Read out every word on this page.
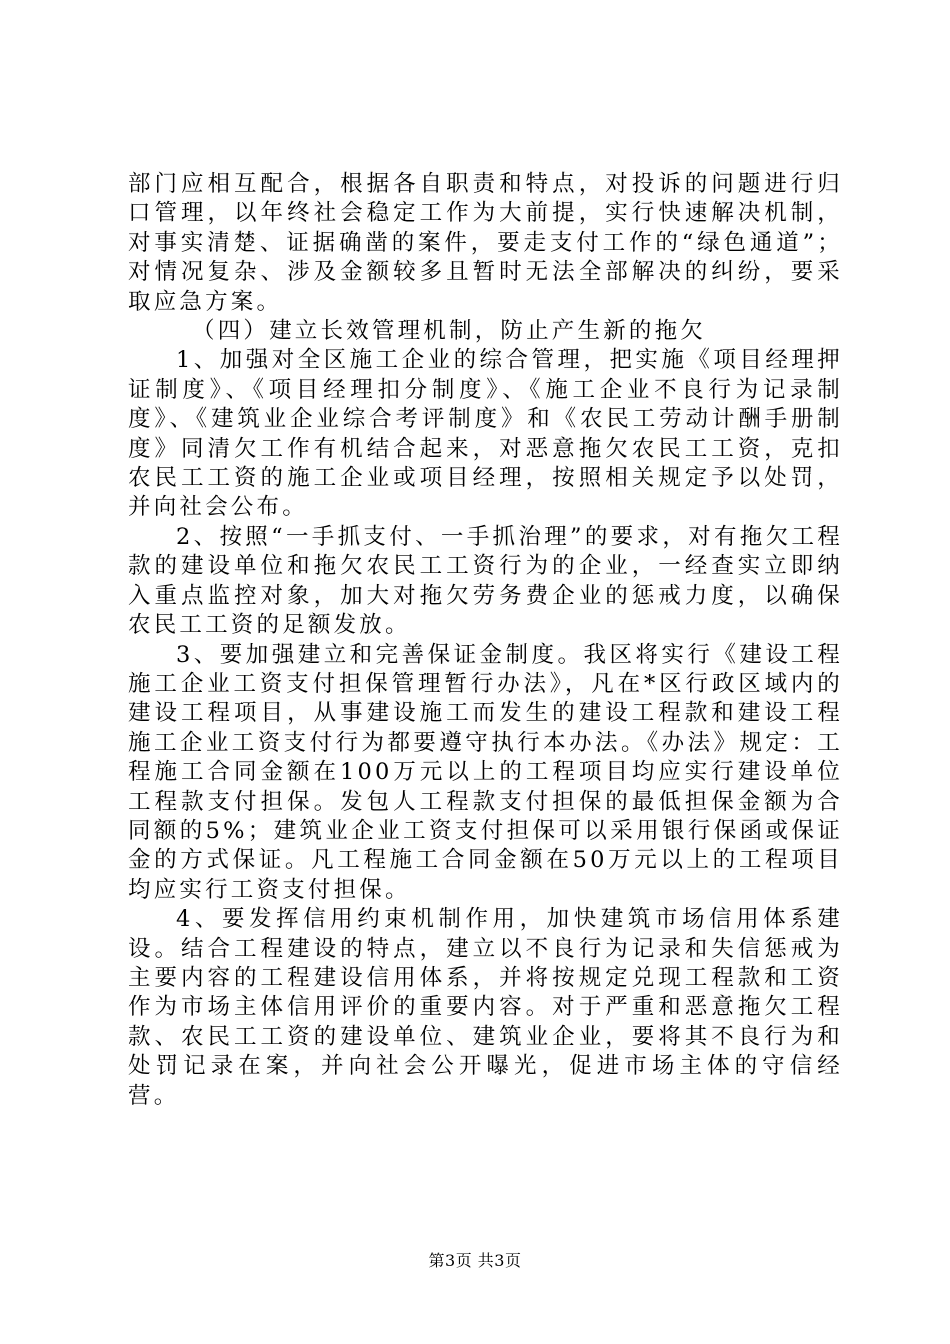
部门应相互配合，根据各自职责和特点，对投诉的问题进行归口管理，以年终社会稳定工作为大前提，实行快速解决机制，对事实清楚、证据确凿的案件，要走支付工作的“绿色通道”；对情况复杂、涉及金额较多且暂时无法全部解决的纠纷，要采取应急方案。

（四）建立长效管理机制，防止产生新的拖欠

1、加强对全区施工企业的综合管理，把实施《项目经理押证制度》、《项目经理扣分制度》、《施工企业不良行为记录制度》、《建筑业企业综合考评制度》和《农民工劳动计酬手册制度》同清欠工作有机结合起来，对恶意拖欠农民工工资，克扣农民工工资的施工企业或项目经理，按照相关规定予以处罚，并向社会公布。

2、按照“一手抓支付、一手抓治理”的要求，对有拖欠工程款的建设单位和拖欠农民工工资行为的企业，一经查实立即纳入重点监控对象，加大对拖欠劳务费企业的惩戒力度，以确保农民工工资的足额发放。

3、要加强建立和完善保证金制度。我区将实行《建设工程施工企业工资支付担保管理暂行办法》，凡在*区行政区域内的建设工程项目，从事建设施工而发生的建设工程款和建设工程施工企业工资支付行为都要遵守执行本办法。《办法》规定：工程施工合同金额在100万元以上的工程项目均应实行建设单位工程款支付担保。发包人工程款支付担保的最低担保金额为合同额的5%；建筑业企业工资支付担保可以采用银行保函或保证金的方式保证。凡工程施工合同金额在50万元以上的工程项目均应实行工资支付担保。

4、要发挥信用约束机制作用，加快建筑市场信用体系建设。结合工程建设的特点，建立以不良行为记录和失信惩戒为主要内容的工程建设信用体系，并将按规定兑现工程款和工资作为市场主体信用评价的重要内容。对于严重和恶意拖欠工程款、农民工工资的建设单位、建筑业企业，要将其不良行为和处罚记录在案，并向社会公开曝光，促进市场主体的守信经营。

第3页 共3页
